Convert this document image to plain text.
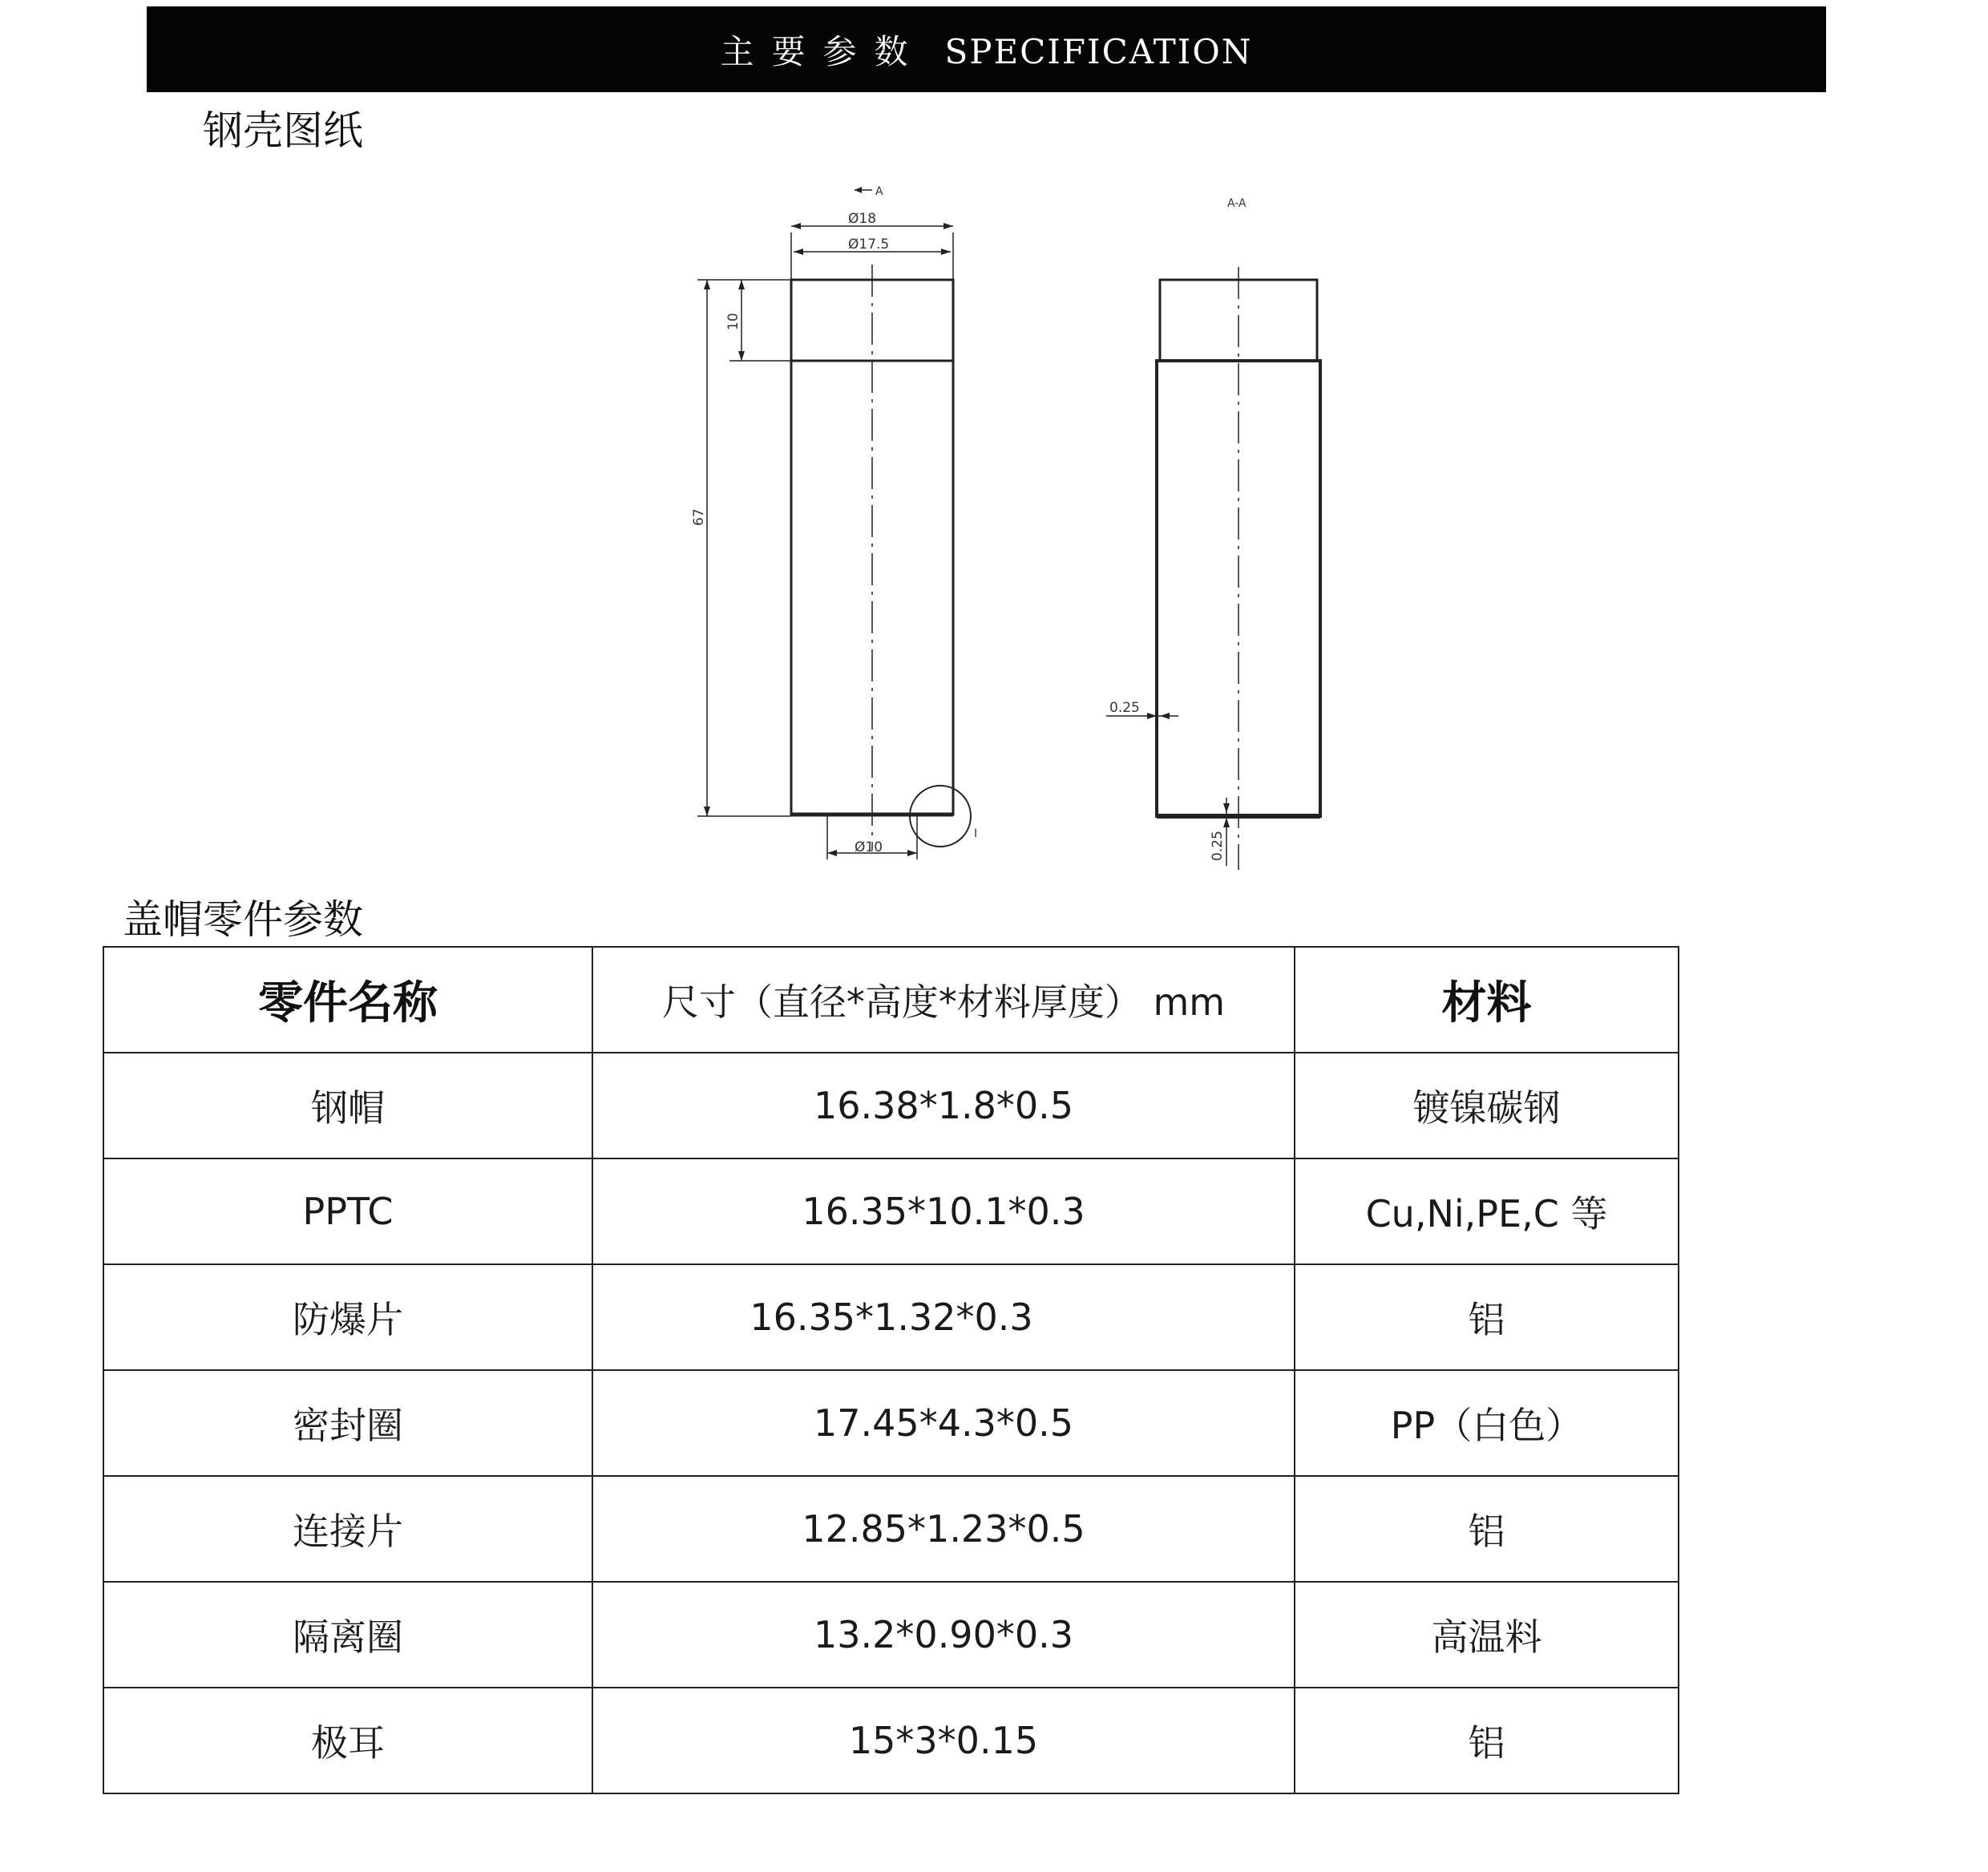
主要参数 SPECIFICATION
钢壳图纸
A
Ø18
Ø17.5
10
67
Ø10
I
A-A
0.25
0.25
盖帽零件参数
零件名称	尺寸（直径*高度*材料厚度） mm	材料
钢帽	16.38*1.8*0.5	镀镍碳钢
PPTC	16.35*10.1*0.3	Cu,Ni,PE,C 等
防爆片	16.35*1.32*0.3	铝
密封圈	17.45*4.3*0.5	PP（白色）
连接片	12.85*1.23*0.5	铝
隔离圈	13.2*0.90*0.3	高温料
极耳	15*3*0.15	铝
